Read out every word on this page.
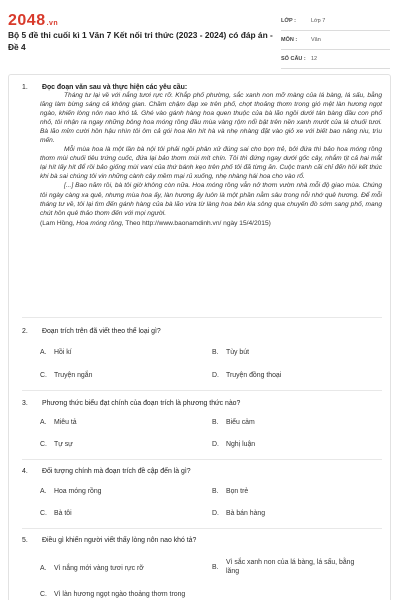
2048.vn
Bộ 5 đề thi cuối kì 1 Văn 7 Kết nối tri thức (2023 - 2024) có đáp án - Đề 4
LỚP :	Lớp 7
MÔN :	Văn
SỐ CÂU : 12
1.	Đọc đoạn văn sau và thực hiện các yêu cầu:

Tháng tư lại về với nắng tươi rực rỡ. Khắp phố phường, sắc xanh non mỡ màng của lá bàng, lá sấu, bằng lăng làm bừng sáng cả không gian. Chầm chậm đạp xe trên phố, chợt thoảng thơm trong gió mệt làn hương ngọt ngào, khiến lòng nôn nao khó tả. Ghé vào gánh hàng hoa quen thuộc của bà lão ngồi dưới tán bàng đầu con phố nhỏ, tôi nhận ra ngay những bông hoa móng rồng đầu mùa vàng rộm nổi bật trên nền xanh mướt của lá chuối tươi. Bà lão mỉm cười hồn hậu nhìn tôi ôm cả gói hoa lên hít hà và nhẹ nhàng đặt vào giỏ xe với biết bao nâng niu, trìu mến.

Mỗi mùa hoa là một lần bà nội tôi phải ngồi phân xử đúng sai cho bọn trẻ, bởi đứa thì bảo hoa móng rồng thơm mùi chuối tiêu trứng cuốc, đứa lại bảo thơm mùi mít chín. Tôi thì đứng ngay dưới gốc cây, nhắm tịt cả hai mắt lại hít lấy hít để rồi bảo giống mùi vani của thứ bánh kẹo trên phố tôi đã từng ăn. Cuộc tranh cãi chỉ đến hồi kết thúc khi bà sai chúng tôi vin những cành cây mềm mại rủ xuống, nhẹ nhàng hái hoa cho vào rổ.

[...] Bao năm rồi, bà tôi giờ không còn nữa. Hoa móng rồng vẫn nở thơm vườn nhà mỗi độ giao mùa. Chúng tôi ngày càng xa quê, nhưng mùa hoa ấy, làn hương ấy luôn là một phần nằm sâu trong nỗi nhớ quê hương. Để mỗi tháng tư về, tôi lại tìm đến gánh hàng của bà lão vừa từ làng hoa bên kia sông qua chuyến đò sớm sang phố, mang chút hồn quê thảo thơm đến với mọi người.

(Lam Hồng, Hoa móng rồng, Theo http://www.baonamdinh.vn/ ngày 15/4/2015)

2.	Đoạn trích trên đã viết theo thể loại gì?
A.	Hồi kí	B.	Tùy bút
C.	Truyện ngắn	D.	Truyện đồng thoại
3.	Phương thức biểu đạt chính của đoạn trích là phương thức nào?
A.	Miêu tả	B.	Biểu cảm
C.	Tự sự	D.	Nghị luận
4.	Đối tượng chính mà đoạn trích đề cập đến là gì?
A.	Hoa móng rồng	B.	Bọn trẻ
C.	Bà tôi	D.	Bà bán hàng
5.	Điều gì khiến người viết thấy lòng nôn nao khó tả?
A.	Vì nắng mới vàng tươi rực rỡ	B.
Vì sắc xanh non của lá bàng, lá sấu, bằng lăng
C.	Vì làn hương ngọt ngào thoảng thơm trong
